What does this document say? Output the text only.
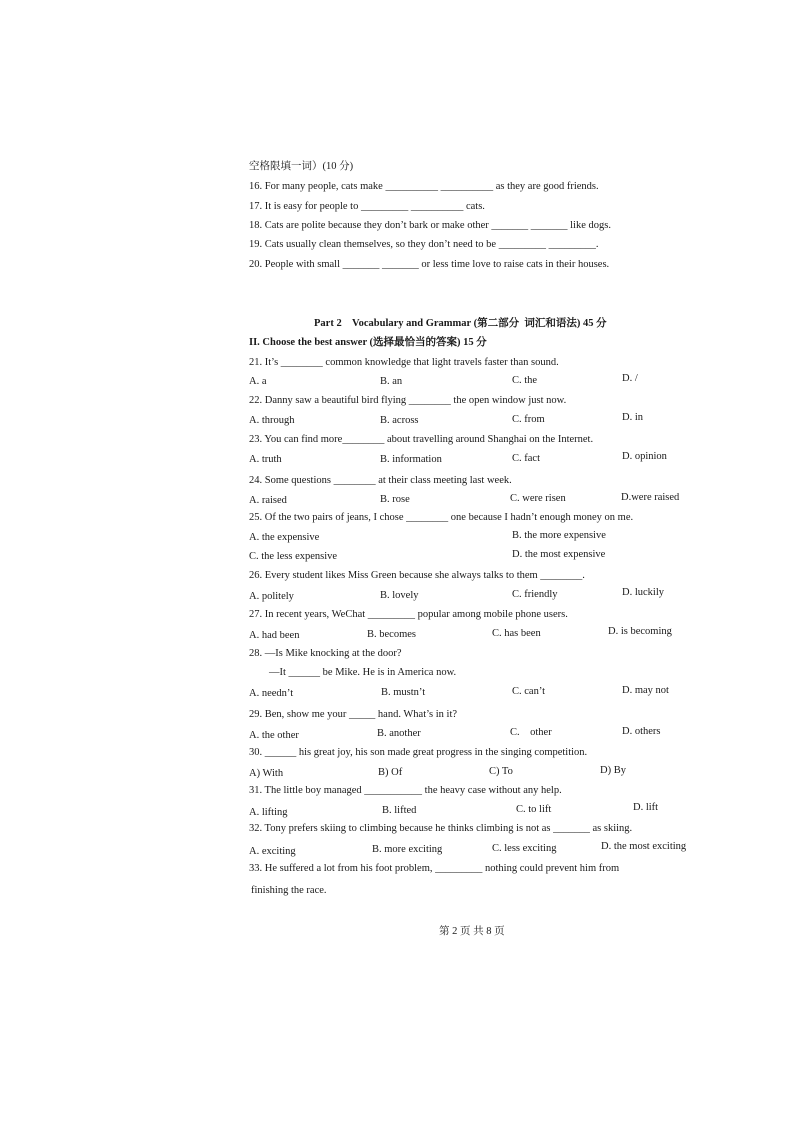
空格限填一词）(10 分)
16. For many people, cats make __________ __________ as they are good friends.
17. It is easy for people to _________ __________ cats.
18. Cats are polite because they don’t bark or make other _______ _______ like dogs.
19. Cats usually clean themselves, so they don’t need to be _________ _________.
20. People with small _______ _______ or less time love to raise cats in their houses.
Part 2    Vocabulary and Grammar (第二部分  词汇和语法) 45 分
II. Choose the best answer (选择最恰当的答案) 15 分
21. It’s ________ common knowledge that light travels faster than sound.
A. a	B. an	C. the	D. /
22. Danny saw a beautiful bird flying ________ the open window just now.
A. through	B. across	C. from	D. in
23. You can find more________ about travelling around Shanghai on the Internet.
A. truth	B. information	C. fact	D. opinion
24. Some questions ________ at their class meeting last week.
A. raised	B. rose	C. were risen	D.were raised
25. Of the two pairs of jeans, I chose ________ one because I hadn’t enough money on me.
A. the expensive	B. the more expensive
C. the less expensive	D. the most expensive
26. Every student likes Miss Green because she always talks to them ________.
A. politely	B. lovely	C. friendly	D. luckily
27. In recent years, WeChat _________ popular among mobile phone users.
A. had been	B. becomes	C. has been	D. is becoming
28. —Is Mike knocking at the door?
—It ______ be Mike. He is in America now.
A. needn’t	B. mustn’t	C. can’t	D. may not
29. Ben, show me your _____ hand. What’s in it?
A. the other	B. another	C.    other	D. others
30. ______ his great joy, his son made great progress in the singing competition.
A) With	B) Of	C) To	D) By
31. The little boy managed ___________ the heavy case without any help.
A. lifting	B. lifted	C. to lift	D. lift
32. Tony prefers skiing to climbing because he thinks climbing is not as _______ as skiing.
A. exciting	B. more exciting	C. less exciting	D. the most exciting
33. He suffered a lot from his foot problem, _________ nothing could prevent him from
finishing the race.
第 2 页 共 8 页
